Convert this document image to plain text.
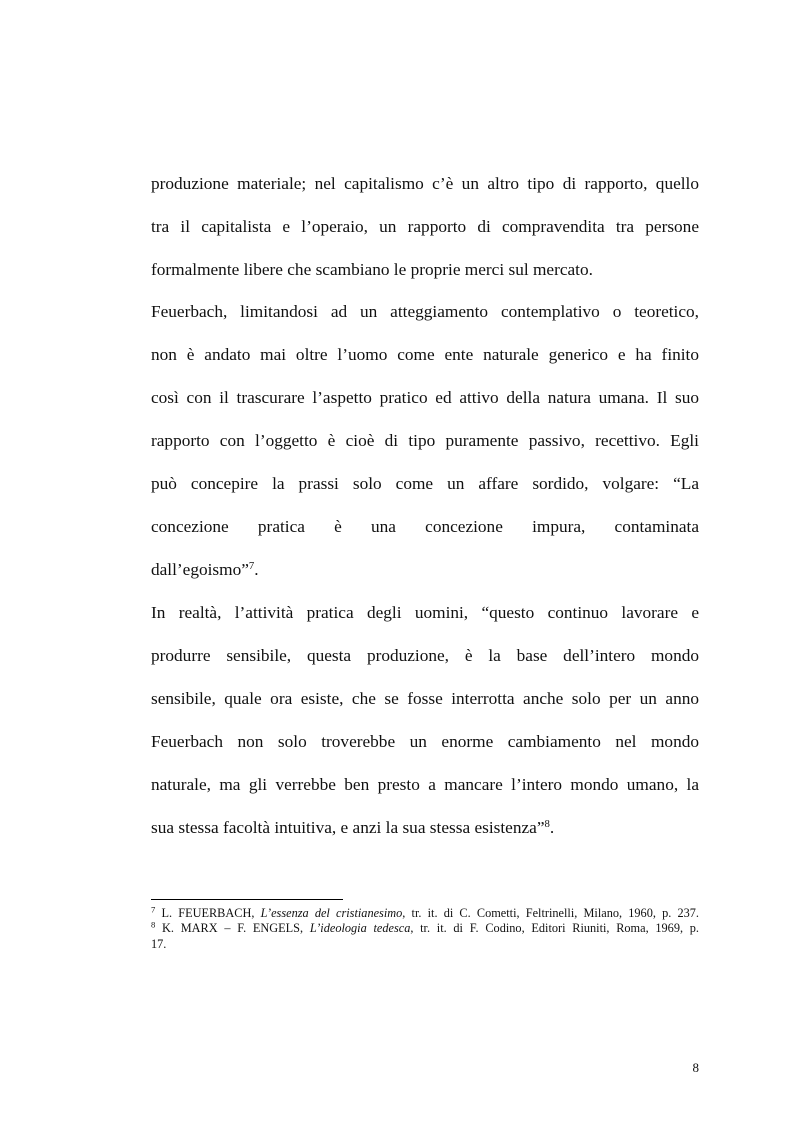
produzione materiale; nel capitalismo c’è un altro tipo di rapporto, quello
tra il capitalista e l’operaio, un rapporto di compravendita tra persone
formalmente libere che scambiano le proprie merci sul mercato.
Feuerbach, limitandosi ad un atteggiamento contemplativo o teoretico,
non è andato mai oltre l’uomo come ente naturale generico e ha finito
così con il trascurare l’aspetto pratico ed attivo della natura umana. Il suo
rapporto con l’oggetto è cioè di tipo puramente passivo, recettivo. Egli
può concepire la prassi solo come un affare sordido, volgare: “La
concezione pratica è una concezione impura, contaminata
dall’egoismo”$^7$.
In realtà, l’attività pratica degli uomini, “questo continuo lavorare e
produrre sensibile, questa produzione, è la base dell’intero mondo
sensibile, quale ora esiste, che se fosse interrotta anche solo per un anno
Feuerbach non solo troverebbe un enorme cambiamento nel mondo
naturale, ma gli verrebbe ben presto a mancare l’intero mondo umano, la
sua stessa facoltà intuitiva, e anzi la sua stessa esistenza”$^8$.
$^7$ L. FEUERBACH, L’essenza del cristianesimo, tr. it. di C. Cometti, Feltrinelli, Milano, 1960, p. 237.
$^8$ K. MARX – F. ENGELS, L’ideologia tedesca, tr. it. di F. Codino, Editori Riuniti, Roma, 1969, p.
17.
8
